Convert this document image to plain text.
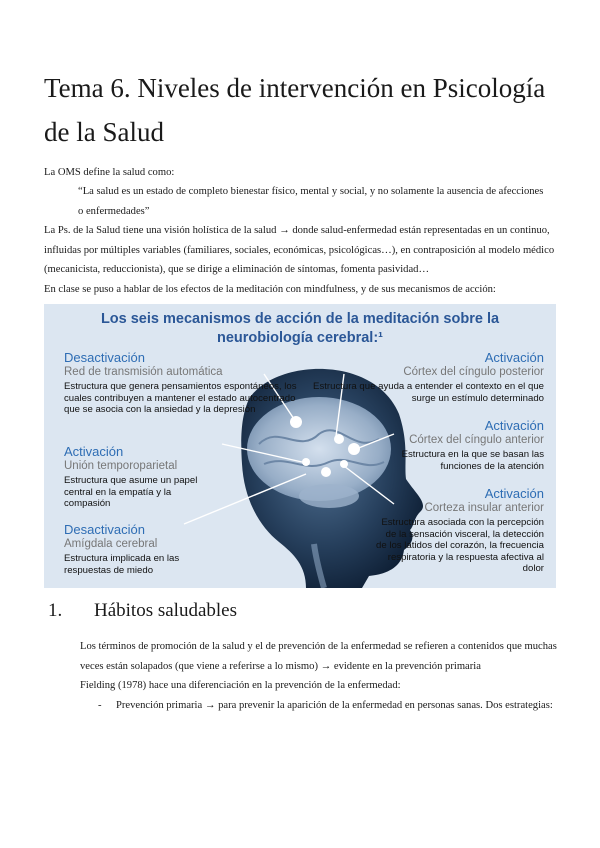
Tema 6. Niveles de intervención en Psicología de la Salud
La OMS define la salud como:
“La salud es un estado de completo bienestar físico, mental y social, y no solamente la ausencia de afecciones o enfermedades”
La Ps. de la Salud tiene una visión holística de la salud → donde salud-enfermedad están representadas en un continuo, influidas por múltiples variables (familiares, sociales, económicas, psicológicas…), en contraposición al modelo médico (mecanicista, reduccionista), que se dirige a eliminación de síntomas, fomenta pasividad…
En clase se puso a hablar de los efectos de la meditación con mindfulness, y de sus mecanismos de acción:
Los seis mecanismos de acción de la meditación sobre la
neurobiología cerebral:¹
Desactivación
Red de transmisión automática
Estructura que genera pensamientos espontáneos, los cuales contribuyen a mantener el estado autocentrado que se asocia con la ansiedad y la depresión
Activación
Unión temporoparietal
Estructura que asume un papel central en la empatía y la compasión
Desactivación
Amígdala cerebral
Estructura implicada en las respuestas de miedo
Activación
Córtex del cíngulo posterior
Estructura que ayuda a entender el contexto en el que surge un estímulo determinado
Activación
Córtex del cíngulo anterior
Estructura en la que se basan las funciones de la atención
Activación
Corteza insular anterior
Estructura asociada con la percepción de la sensación visceral, la detección de los latidos del corazón, la frecuencia respiratoria y la respuesta afectiva al dolor
1. Hábitos saludables
Los términos de promoción de la salud y el de prevención de la enfermedad se refieren a contenidos que muchas veces están solapados (que viene a referirse a lo mismo) → evidente en la prevención primaria
Fielding (1978) hace una diferenciación en la prevención de la enfermedad:
- Prevención primaria → para prevenir la aparición de la enfermedad en personas sanas. Dos estrategias:
